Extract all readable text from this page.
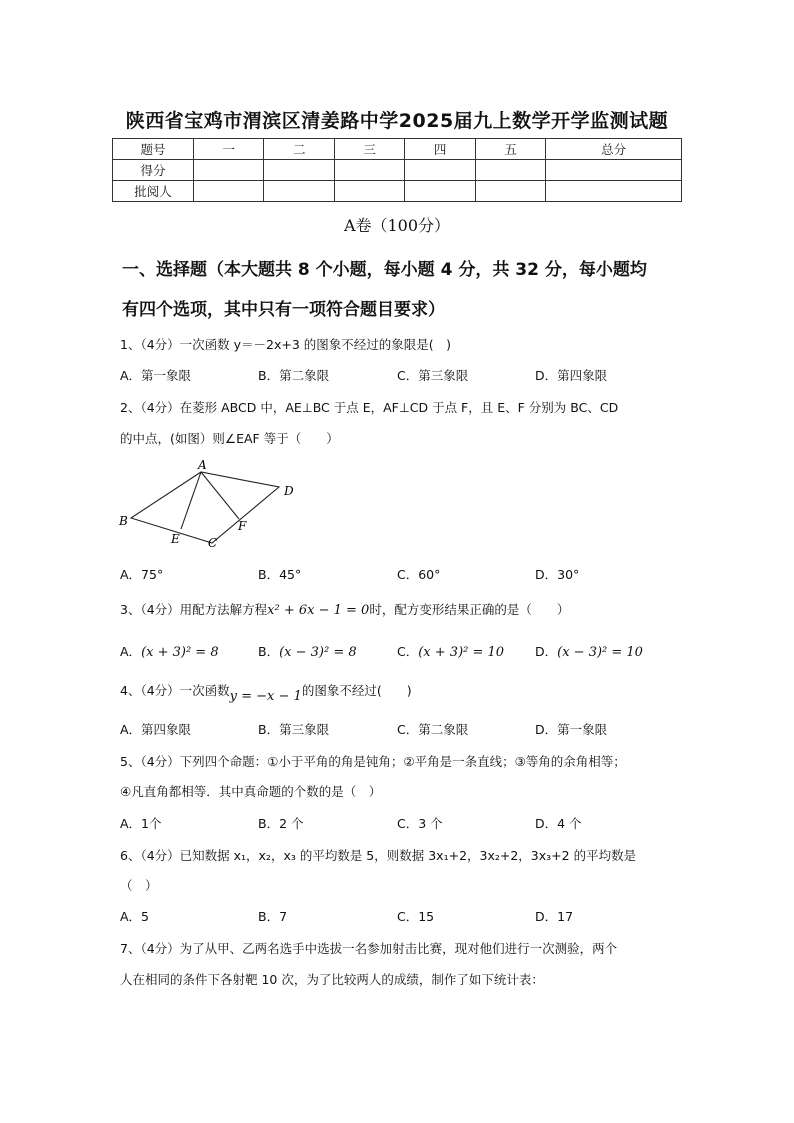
陕西省宝鸡市渭滨区清姜路中学2025届九上数学开学监测试题
题号	一	二	三	四	五	总分
得分						
批阅人						
A卷（100分）
一、选择题（本大题共 8 个小题，每小题 4 分，共 32 分，每小题均
有四个选项，其中只有一项符合题目要求）
1、（4分）一次函数 y＝－2x+3 的图象不经过的象限是(　)
A．第一象限	B．第二象限	C．第三象限	D．第四象限
2、（4分）在菱形 ABCD 中，AE⊥BC 于点 E，AF⊥CD 于点 F，且 E、F 分别为 BC、CD
的中点，(如图）则∠EAF 等于（　　）
A
B
C
D
E
F
A．75°	B．45°	C．60°	D．30°
3、（4分）用配方法解方程x² + 6x − 1 = 0时，配方变形结果正确的是（　　）
A．(x + 3)² = 8	B．(x − 3)² = 8	C．(x + 3)² = 10 D．(x − 3)² = 10
4、（4分）一次函数y = −x − 1的图象不经过(　　)
A．第四象限	B．第三象限	C．第二象限	D．第一象限
5、（4分）下列四个命题：①小于平角的角是钝角；②平角是一条直线；③等角的余角相等；
④凡直角都相等．其中真命题的个数的是（　）
A．1个	B．2 个	C．3 个	D．4 个
6、（4分）已知数据 x₁，x₂，x₃ 的平均数是 5，则数据 3x₁+2，3x₂+2，3x₃+2 的平均数是
（　）
A．5	B．7	C．15	D．17
7、（4分）为了从甲、乙两名选手中选拔一名参加射击比赛，现对他们进行一次测验，两个
人在相同的条件下各射靶 10 次，为了比较两人的成绩，制作了如下统计表：
